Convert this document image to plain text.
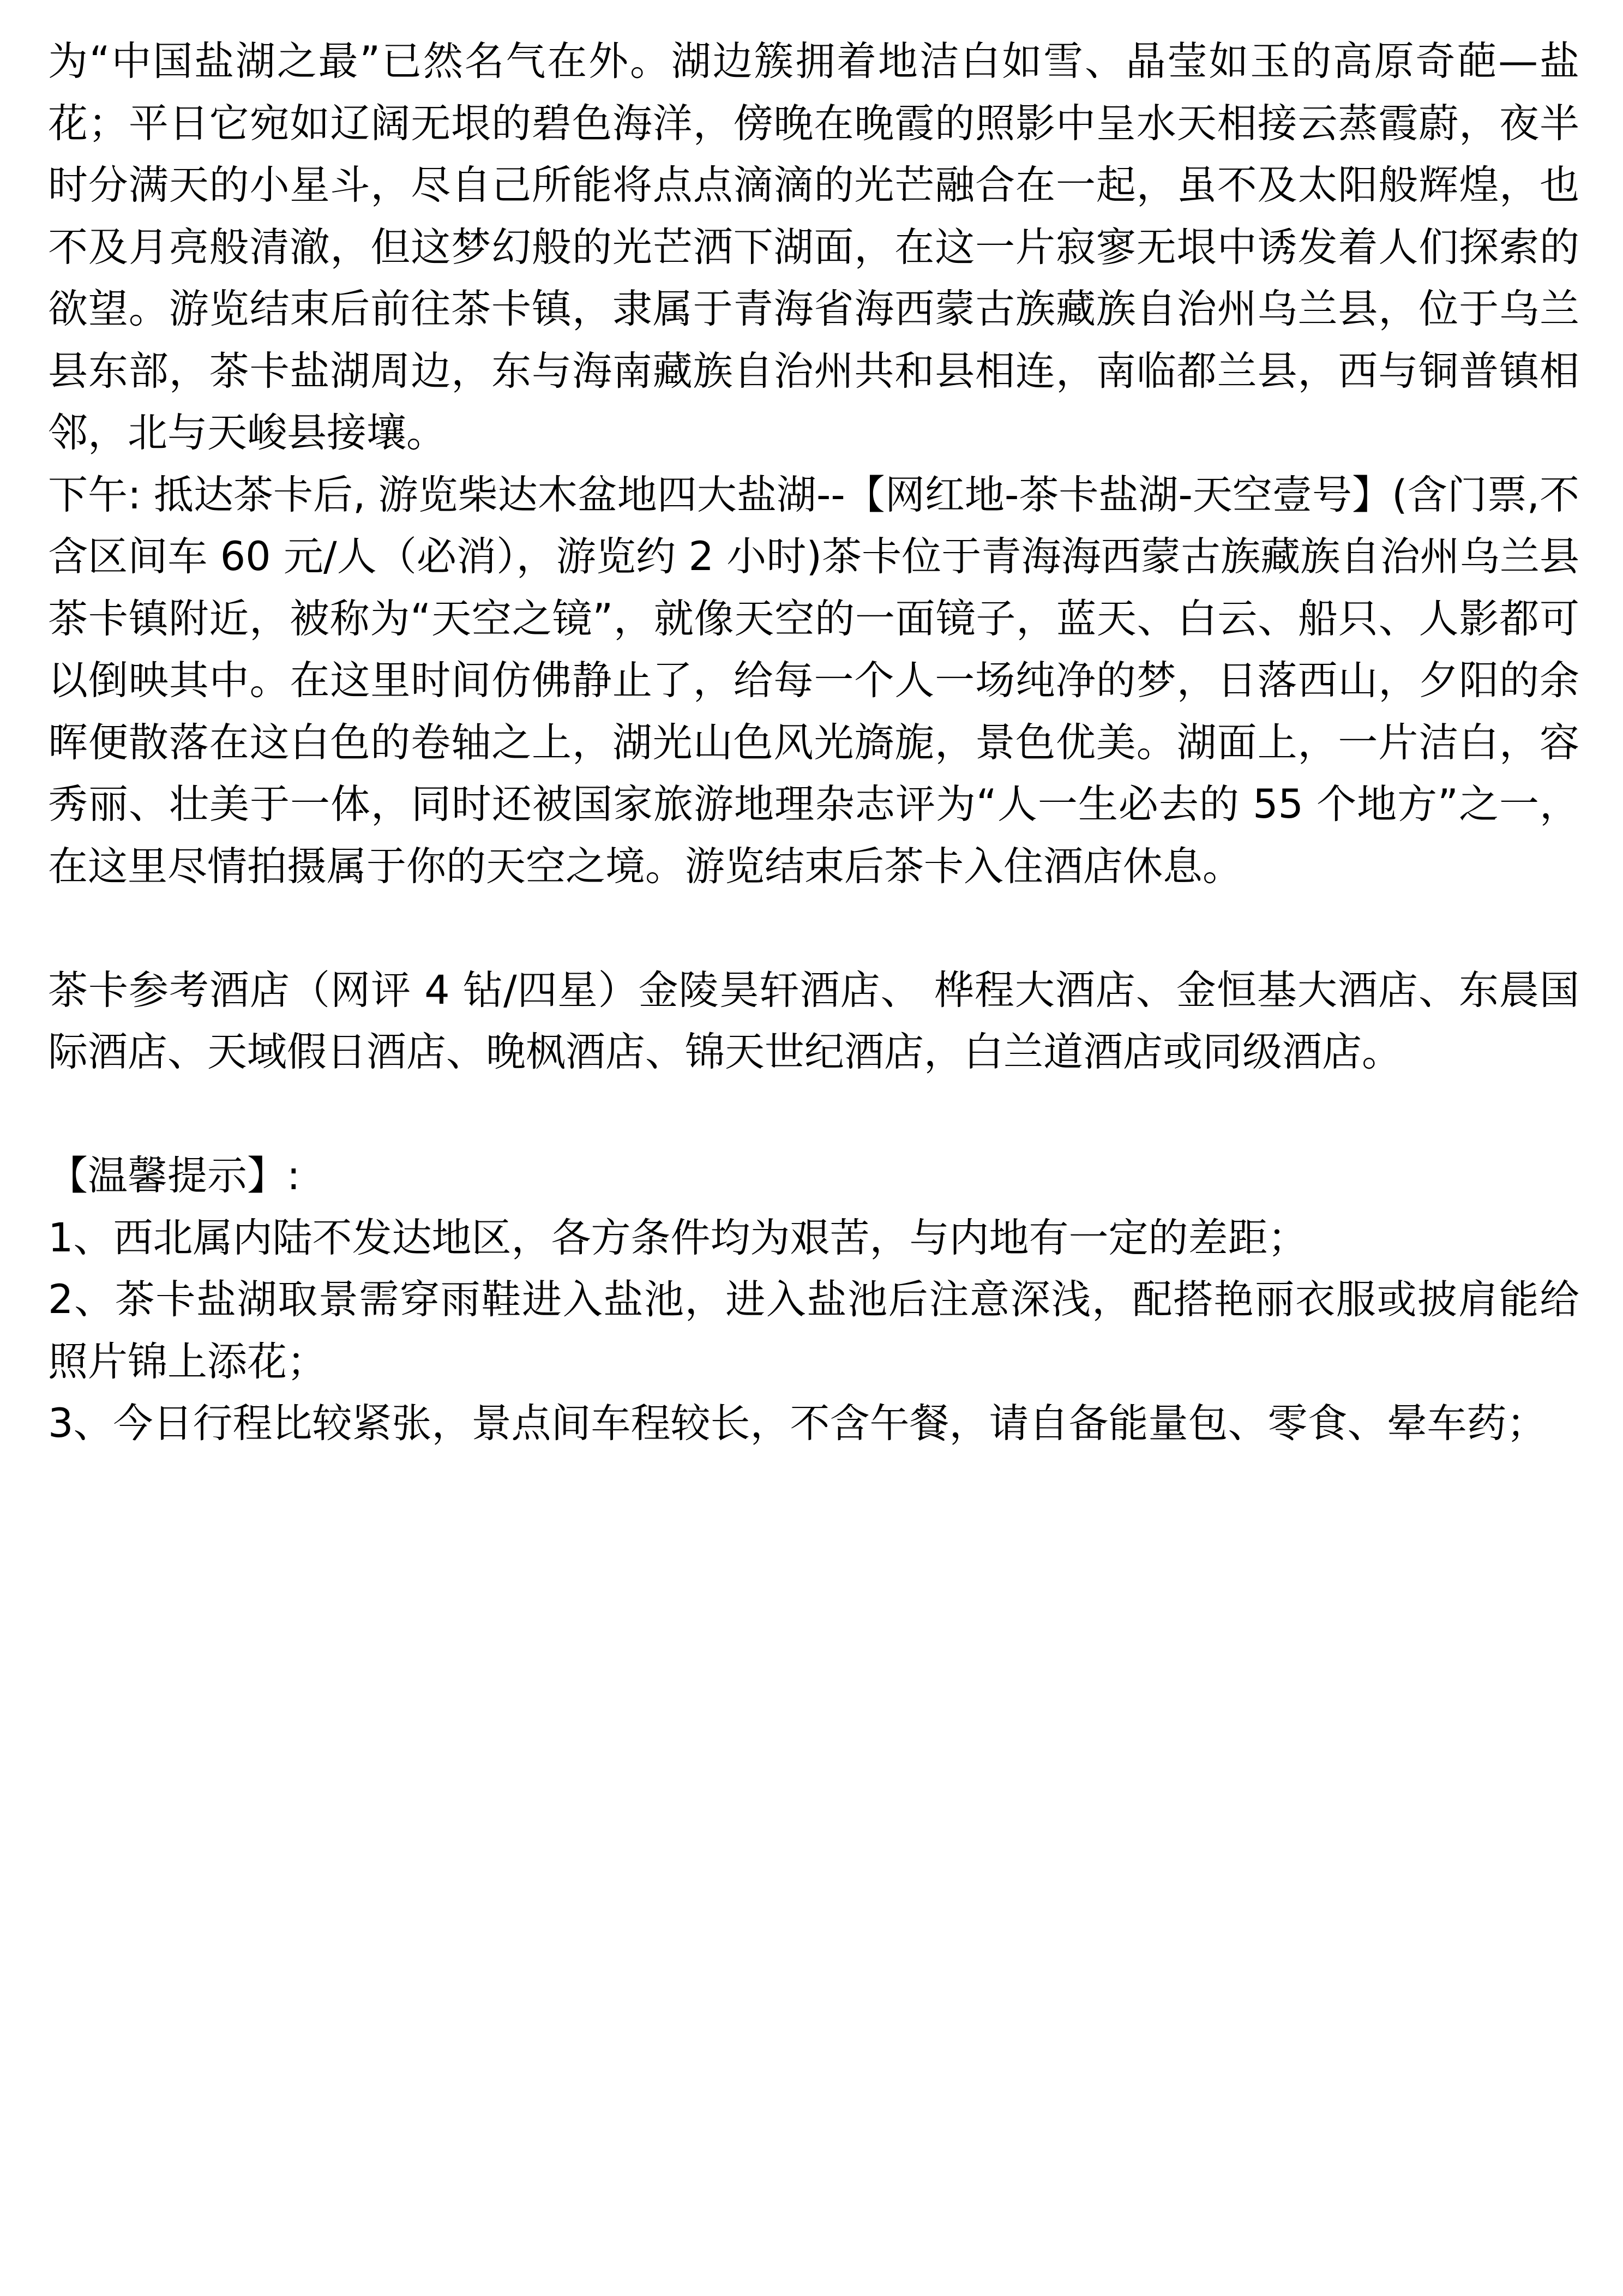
为“中国盐湖之最”已然名气在外。湖边簇拥着地洁白如雪、晶莹如玉的高原奇葩—盐花；平日它宛如辽阔无垠的碧色海洋，傍晚在晚霞的照影中呈水天相接云蒸霞蔚，夜半时分满天的小星斗，尽自己所能将点点滴滴的光芒融合在一起，虽不及太阳般辉煌，也不及月亮般清澈，但这梦幻般的光芒洒下湖面，在这一片寂寥无垠中诱发着人们探索的欲望。游览结束后前往茶卡镇，隶属于青海省海西蒙古族藏族自治州乌兰县，位于乌兰县东部，茶卡盐湖周边，东与海南藏族自治州共和县相连，南临都兰县，西与铜普镇相邻，北与天峻县接壤。

下午: 抵达茶卡后, 游览柴达木盆地四大盐湖--【网红地-茶卡盐湖-天空壹号】(含门票,不含区间车 60 元/人（必消），游览约 2 小时)茶卡位于青海海西蒙古族藏族自治州乌兰县茶卡镇附近，被称为“天空之镜”，就像天空的一面镜子，蓝天、白云、船只、人影都可以倒映其中。在这里时间仿佛静止了，给每一个人一场纯净的梦，日落西山，夕阳的余晖便散落在这白色的卷轴之上，湖光山色风光旖旎，景色优美。湖面上，一片洁白，容秀丽、壮美于一体，同时还被国家旅游地理杂志评为“人一生必去的 55 个地方”之一，在这里尽情拍摄属于你的天空之境。游览结束后茶卡入住酒店休息。

茶卡参考酒店（网评 4 钻/四星）金陵昊轩酒店、 桦程大酒店、金恒基大酒店、东晨国际酒店、天域假日酒店、晚枫酒店、锦天世纪酒店，白兰道酒店或同级酒店。

【温馨提示】:

1、西北属内陆不发达地区，各方条件均为艰苦，与内地有一定的差距；

2、茶卡盐湖取景需穿雨鞋进入盐池，进入盐池后注意深浅，配搭艳丽衣服或披肩能给照片锦上添花；

3、今日行程比较紧张，景点间车程较长，不含午餐，请自备能量包、零食、晕车药；
